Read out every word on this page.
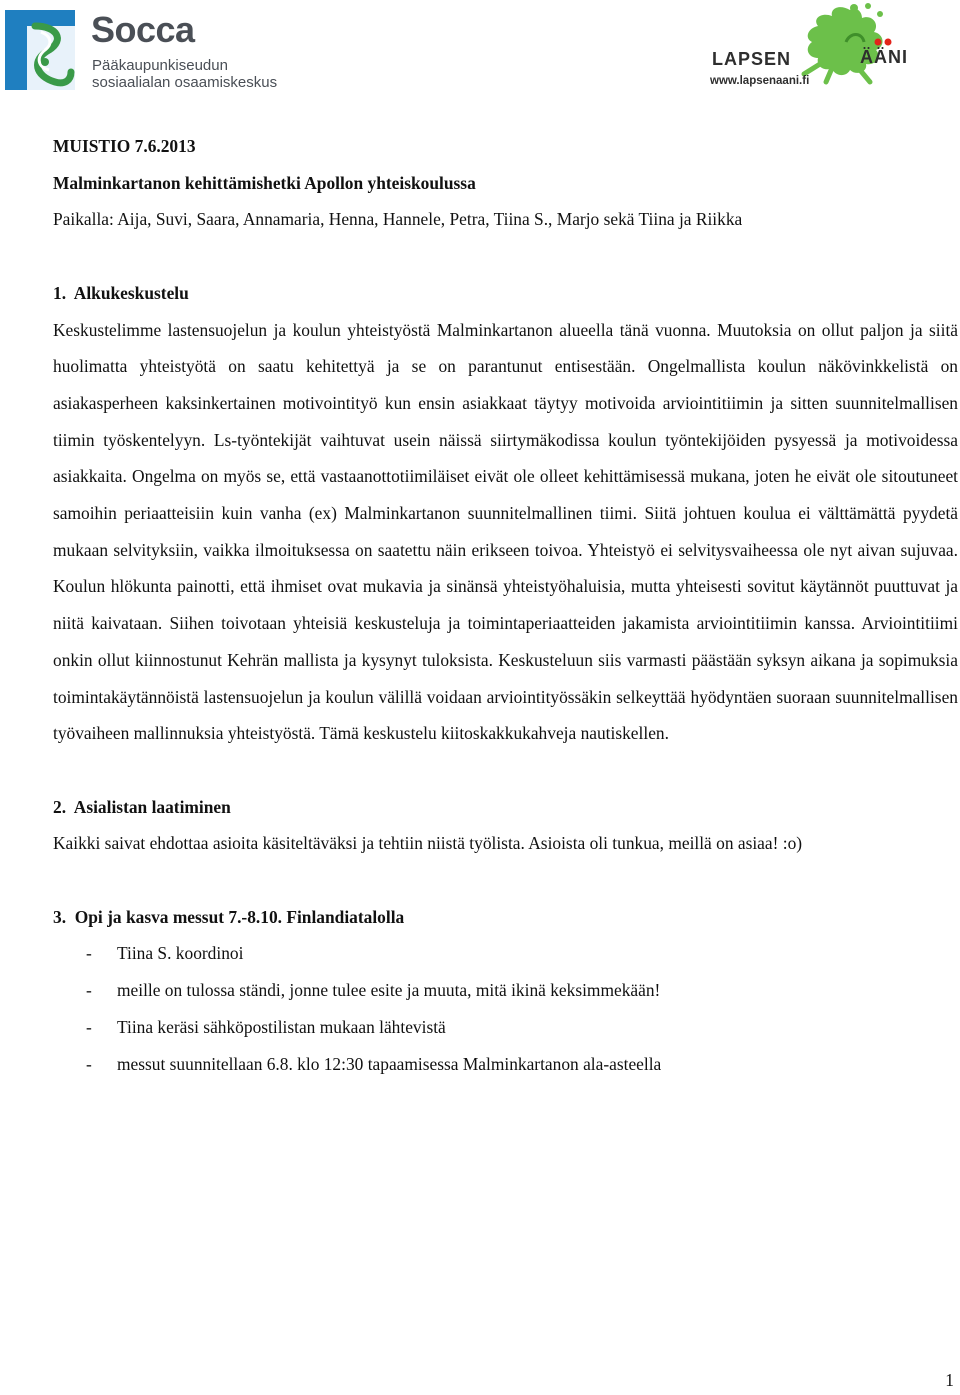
Socca
Pääkaupunkiseudun
sosiaalialan osaamiskeskus
LAPSEN	ÄÄNI
www.lapsenaani.fi

MUISTIO 7.6.2013

Malminkartanon kehittämishetki Apollon yhteiskoulussa

Paikalla: Aija, Suvi, Saara, Annamaria, Henna, Hannele, Petra, Tiina S., Marjo sekä Tiina ja Riikka

1.  Alkukeskustelu

Keskustelimme lastensuojelun ja koulun yhteistyöstä Malminkartanon alueella tänä vuonna. Muutoksia on ollut paljon ja siitä huolimatta yhteistyötä on saatu kehitettyä ja se on parantunut entisestään. Ongelmallista koulun näkövinkkelistä on asiakasperheen kaksinkertainen motivointityö kun ensin asiakkaat täytyy motivoida arviointitiimin ja sitten suunnitelmallisen tiimin työskentelyyn. Ls-työntekijät vaihtuvat usein näissä siirtymäkodissa koulun työntekijöiden pysyessä ja motivoidessa asiakkaita. Ongelma on myös se, että vastaanottotiimiläiset eivät ole olleet kehittämisessä mukana, joten he eivät ole sitoutuneet samoihin periaatteisiin kuin vanha (ex) Malminkartanon suunnitelmallinen tiimi. Siitä johtuen koulua ei välttämättä pyydetä mukaan selvityksiin, vaikka ilmoituksessa on saatettu näin erikseen toivoa. Yhteistyö ei selvitysvaiheessa ole nyt aivan sujuvaa. Koulun hlökunta painotti, että ihmiset ovat mukavia ja sinänsä yhteistyöhaluisia, mutta yhteisesti sovitut käytännöt puuttuvat ja niitä kaivataan. Siihen toivotaan yhteisiä keskusteluja ja toimintaperiaatteiden jakamista arviointitiimin kanssa. Arviointitiimi onkin ollut kiinnostunut Kehrän mallista ja kysynyt tuloksista. Keskusteluun siis varmasti päästään syksyn aikana ja sopimuksia toimintakäytännöistä lastensuojelun ja koulun välillä voidaan arviointityössäkin selkeyttää hyödyntäen suoraan suunnitelmallisen työvaiheen mallinnuksia yhteistyöstä. Tämä keskustelu kiitoskakkukahveja nautiskellen.

2.  Asialistan laatiminen

Kaikki saivat ehdottaa asioita käsiteltäväksi ja tehtiin niistä työlista. Asioista oli tunkua, meillä on asiaa! :o)

3.  Opi ja kasva messut 7.-8.10. Finlandiatalolla

- Tiina S. koordinoi
- meille on tulossa ständi, jonne tulee esite ja muuta, mitä ikinä keksimmekään!
- Tiina keräsi sähköpostilistan mukaan lähtevistä
- messut suunnitellaan 6.8. klo 12:30 tapaamisessa Malminkartanon ala-asteella
1
